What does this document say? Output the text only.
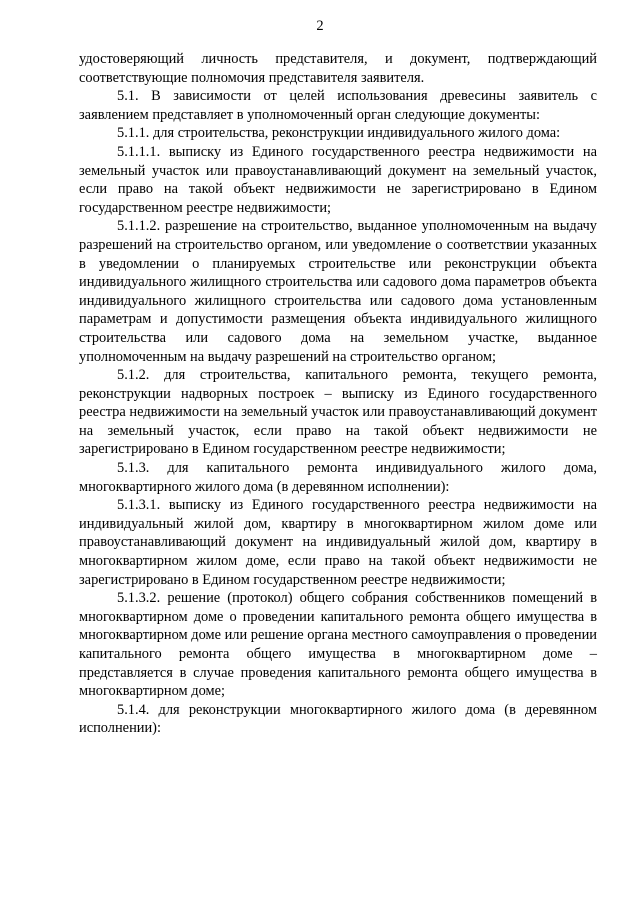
2

удостоверяющий личность представителя, и документ, подтверждающий соответствующие полномочия представителя заявителя.

5.1. В зависимости от целей использования древесины заявитель с заявлением представляет в уполномоченный орган следующие документы:

5.1.1. для строительства, реконструкции индивидуального жилого дома:

5.1.1.1. выписку из Единого государственного реестра недвижимости на земельный участок или правоустанавливающий документ на земельный участок, если право на такой объект недвижимости не зарегистрировано в Едином государственном реестре недвижимости;

5.1.1.2. разрешение на строительство, выданное уполномоченным на выдачу разрешений на строительство органом, или уведомление о соответствии указанных в уведомлении о планируемых строительстве или реконструкции объекта индивидуального жилищного строительства или садового дома параметров объекта индивидуального жилищного строительства или садового дома установленным параметрам и допустимости размещения объекта индивидуального жилищного строительства или садового дома на земельном участке, выданное уполномоченным на выдачу разрешений на строительство органом;

5.1.2. для строительства, капитального ремонта, текущего ремонта, реконструкции надворных построек – выписку из Единого государственного реестра недвижимости на земельный участок или правоустанавливающий документ на земельный участок, если право на такой объект недвижимости не зарегистрировано в Едином государственном реестре недвижимости;

5.1.3. для капитального ремонта индивидуального жилого дома, многоквартирного жилого дома (в деревянном исполнении):

5.1.3.1. выписку из Единого государственного реестра недвижимости на индивидуальный жилой дом, квартиру в многоквартирном жилом доме или правоустанавливающий документ на индивидуальный жилой дом, квартиру в многоквартирном жилом доме, если право на такой объект недвижимости не зарегистрировано в Едином государственном реестре недвижимости;

5.1.3.2. решение (протокол) общего собрания собственников помещений в многоквартирном доме о проведении капитального ремонта общего имущества в многоквартирном доме или решение органа местного самоуправления о проведении капитального ремонта общего имущества в многоквартирном доме – представляется в случае проведения капитального ремонта общего имущества в многоквартирном доме;

5.1.4. для реконструкции многоквартирного жилого дома (в деревянном исполнении):
